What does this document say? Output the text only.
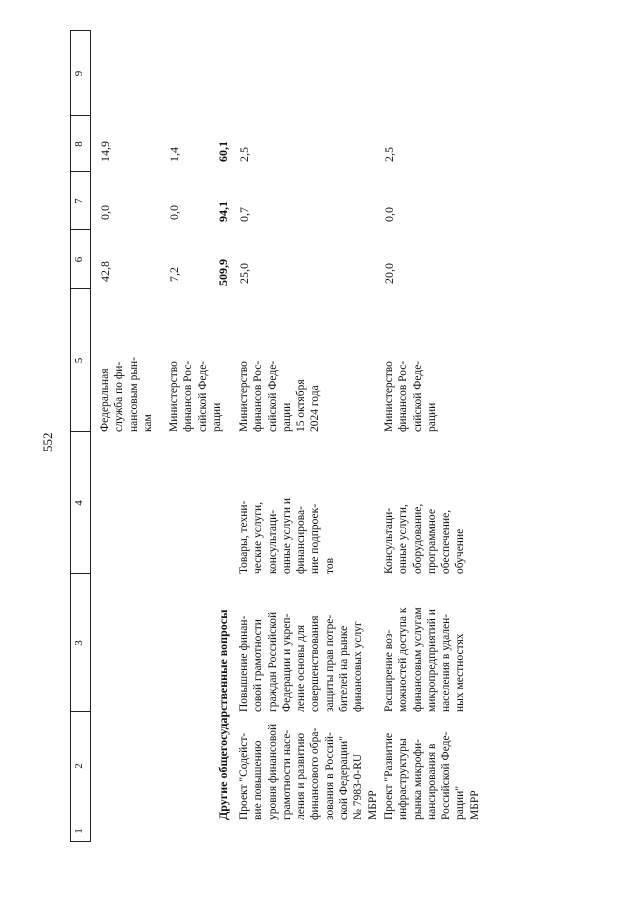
552
1
2
3
4
5
6
7
8
9
Федеральная
служба по фи-
нансовым рын-
кам
42,8
0,0
14,9
Министерство
финансов Рос-
сийской Феде-
рации
7,2
0,0
1,4
509,9
94,1
60,1
Другие общегосударственные вопросы Проект "Содейст-
вие повышению
уровня финансовой
грамотности насе-
ления и развитию
финансового обра-
зования в Россий-
ской Федерации"
№ 7983-0-RU
МБРР
Повышение финан-
совой грамотности
граждан Российской
Федерации и укреп-
ление основы для
совершенствования
защиты прав потре-
бителей на рынке
финансовых услуг
Товары, техни-
ческие услуги,
консультаци-
онные услуги и
финансирова-
ние подпроек-
тов
Министерство
финансов Рос-
сийской Феде-
рации
15 октября
2024 года
25,0
0,7
2,5
Проект "Развитие
инфраструктуры
рынка микрофи-
нансирования в
Российской Феде-
рации"
МБРР
Расширение воз-
можностей доступа к
финансовым услугам
микропредприятий и
населения в удален-
ных местностях
Консультаци-
онные услуги,
оборудование,
программное
обеспечение,
обучение
Министерство
финансов Рос-
сийской Феде-
рации
20,0
0,0
2,5
